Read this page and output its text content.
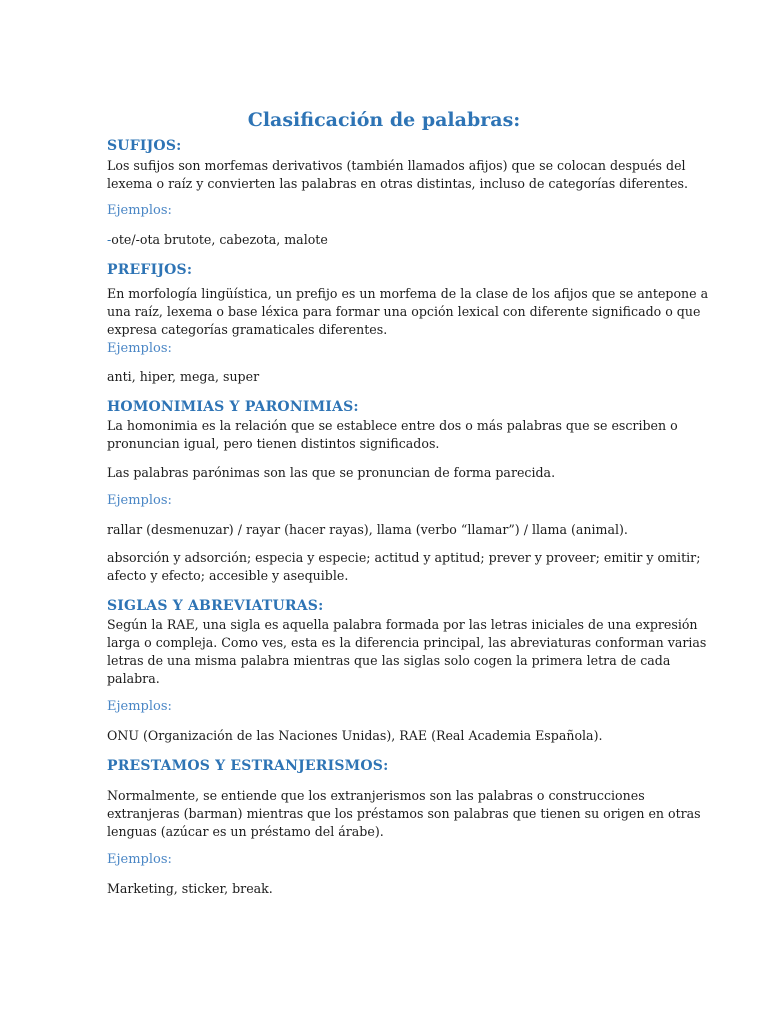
Clasificación de palabras:
SUFIJOS:

Los sufijos son morfemas derivativos (también llamados afijos) que se colocan después del

lexema o raíz y convierten las palabras en otras distintas, incluso de categorías diferentes.

Ejemplos:

-ote/-ota brutote, cabezota, malote

PREFIJOS:

En morfología lingüística, un prefijo es un morfema de la clase de los afijos que se antepone a

una raíz, lexema o base léxica para formar una opción lexical con diferente significado o que

expresa categorías gramaticales diferentes.

Ejemplos:

anti, hiper, mega, super

HOMONIMIAS Y PARONIMIAS:

La homonimia es la relación que se establece entre dos o más palabras que se escriben o

pronuncian igual, pero tienen distintos significados.

Las palabras parónimas son las que se pronuncian de forma parecida.

Ejemplos:

rallar (desmenuzar) / rayar (hacer rayas), llama (verbo “llamar”) / llama (animal).

absorción y adsorción; especia y especie; actitud y aptitud; prever y proveer; emitir y omitir;

afecto y efecto; accesible y asequible.

SIGLAS Y ABREVIATURAS:

Según la RAE, una sigla es aquella palabra formada por las letras iniciales de una expresión

larga o compleja. Como ves, esta es la diferencia principal, las abreviaturas conforman varias

letras de una misma palabra mientras que las siglas solo cogen la primera letra de cada

palabra.

Ejemplos:

ONU (Organización de las Naciones Unidas), RAE (Real Academia Española).

PRESTAMOS Y ESTRANJERISMOS:

Normalmente, se entiende que los extranjerismos son las palabras o construcciones

extranjeras (barman) mientras que los préstamos son palabras que tienen su origen en otras

lenguas (azúcar es un préstamo del árabe).

Ejemplos:

Marketing, sticker, break.
